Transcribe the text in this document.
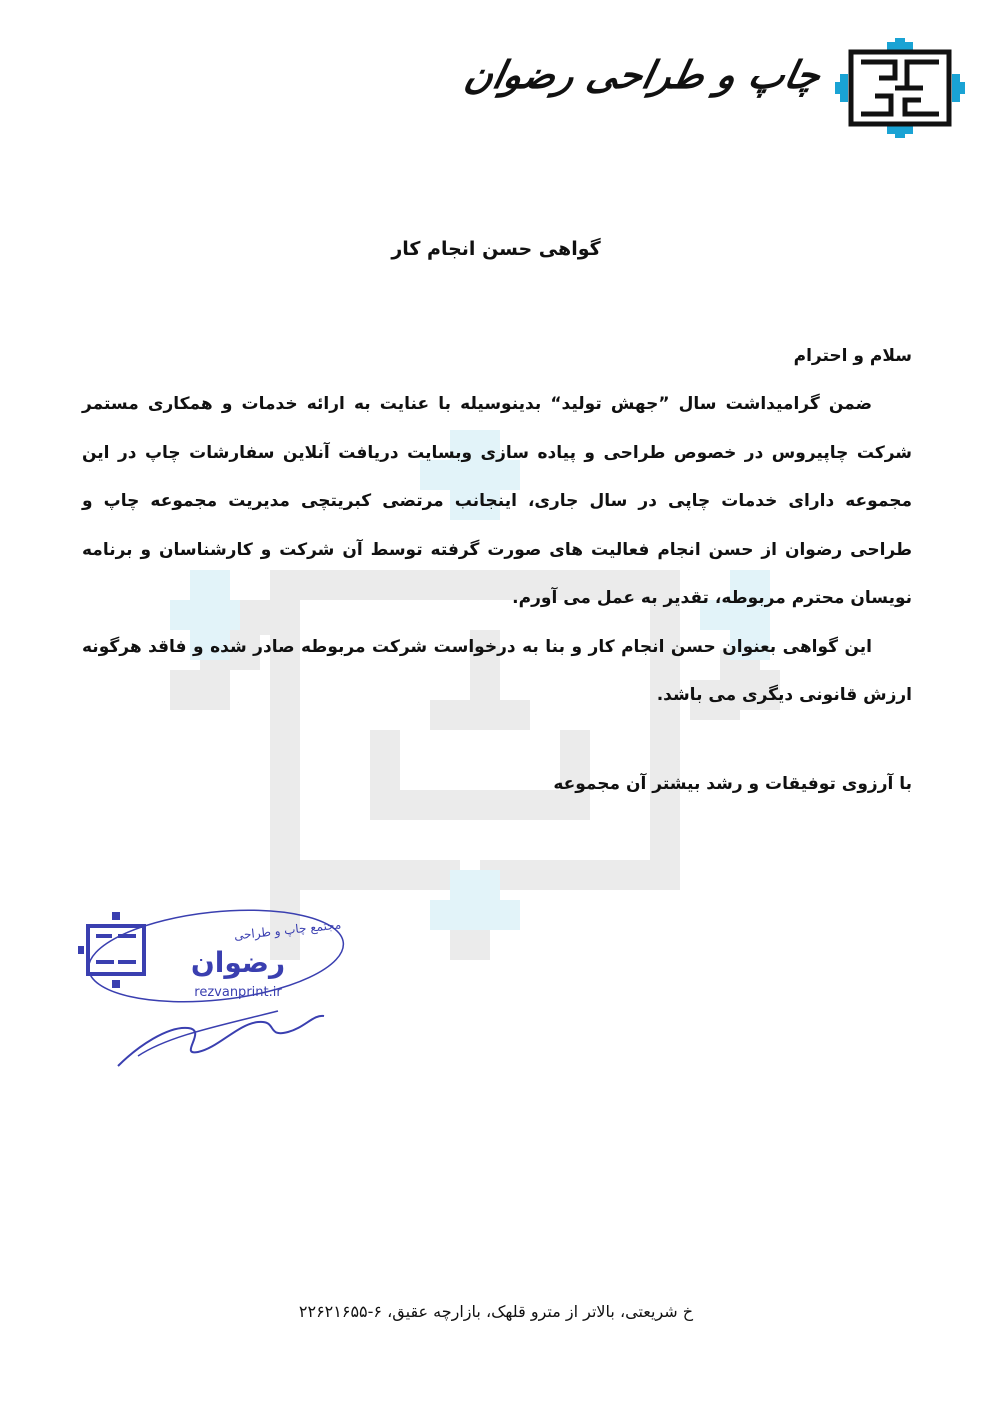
چاپ و طراحی رضوان
گواهی حسن انجام کار
سلام و احترام

ضمن گرامیداشت سال ”جهش تولید“ بدینوسیله با عنایت به ارائه خدمات و همکاری مستمر شرکت چاپیروس در خصوص طراحی و پیاده سازی وبسایت دریافت آنلاین سفارشات چاپ در این مجموعه دارای خدمات چاپی در سال جاری، اینجانب مرتضی کبریتچی مدیریت مجموعه چاپ و طراحی رضوان از حسن انجام فعالیت های صورت گرفته توسط آن شرکت و کارشناسان و برنامه نویسان محترم مربوطه، تقدیر به عمل می آورم.

این گواهی بعنوان حسن انجام کار و بنا به درخواست شرکت مربوطه صادر شده و فاقد هرگونه ارزش قانونی دیگری می باشد.

با آرزوی توفیقات و رشد بیشتر آن مجموعه
مجتمع چاپ و طراحی
رضوان
rezvanprint.ir
خ شریعتی، بالاتر از مترو قلهک، بازارچه عقیق، ۶-۲۲۶۲۱۶۵۵
